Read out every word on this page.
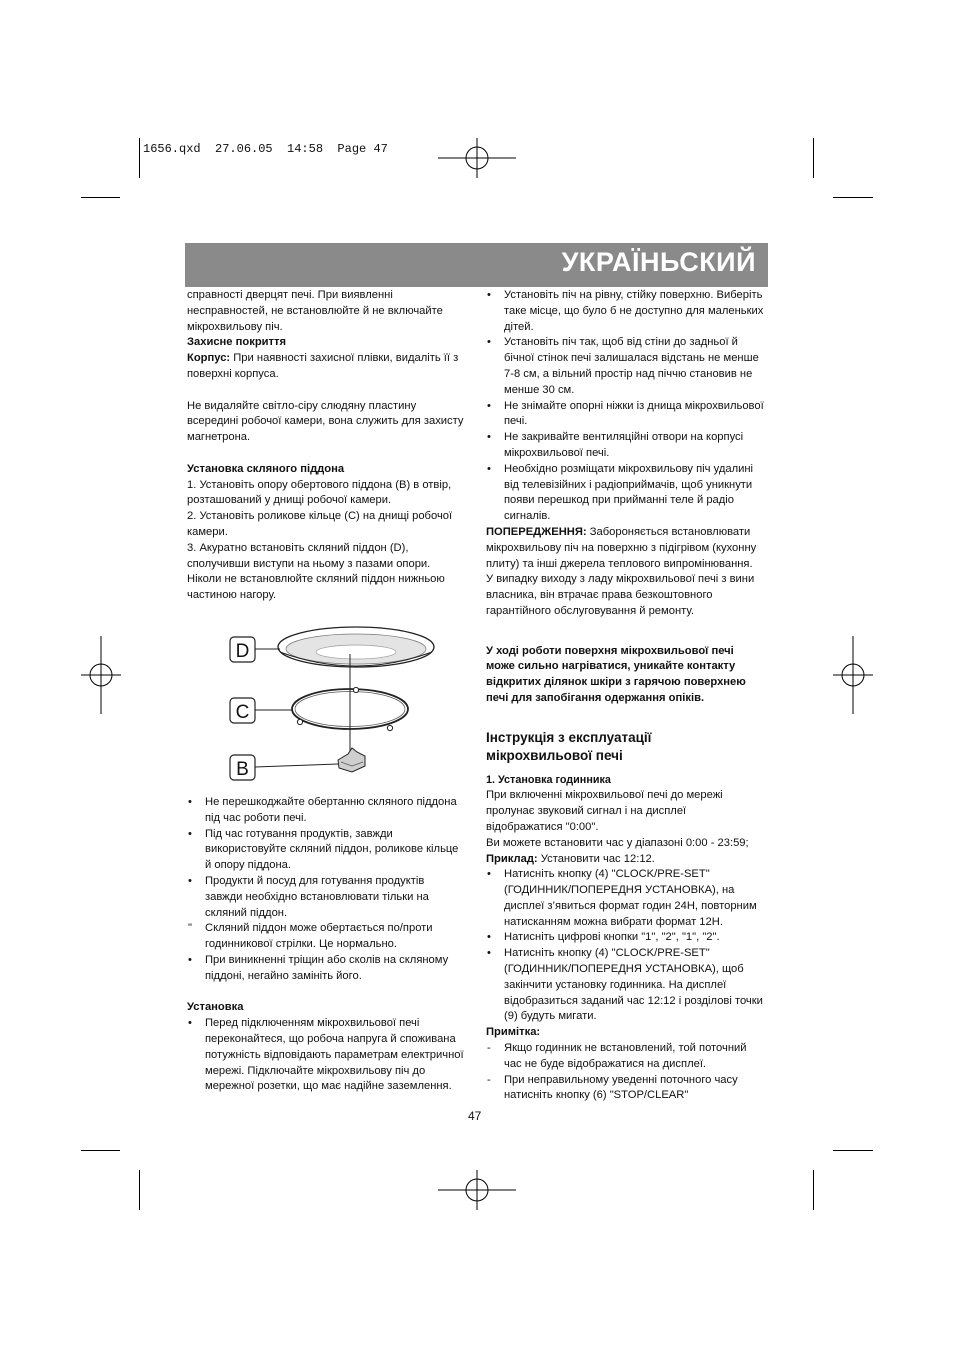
1656.qxd  27.06.05  14:58  Page 47
УКРАЇНЬСКИЙ

справності дверцят печі. При виявленні

несправностей, не встановлюйте й не включайте

мікрохвильову піч.

Захисне покриття

Корпус: При наявності захисної плівки, видаліть її з

поверхні корпуса.

Не видаляйте світло-сіру слюдяну пластину

всередині робочої камери, вона служить для захисту

магнетрона.

Установка скляного піддона

1. Установіть опору обертового піддона (B) в отвір,

розташований у днищі робочої камери.

2. Установіть роликове кільце (C) на днищі робочої

камери.

3. Акуратно встановіть скляний піддон (D),

сполучивши виступи на ньому з пазами опори.

Ніколи не встановлюйте скляний піддон нижньою

частиною нагору.

D
C
B
•	Не перешкоджайте обертанню скляного піддона
під час роботи печі.
•	Під час готування продуктів, завжди
використовуйте скляний піддон, роликове кільце
й опору піддона.
•	Продукти й посуд для готування продуктів
завжди необхідно встановлювати тільки на
скляний піддон.
"	Скляний піддон може обертається по/проти
годинникової стрілки. Це нормально.
•	При виникненні тріщин або сколів на скляному
піддоні, негайно замініть його.

Установка

•	Перед підключенням мікрохвильової печі
переконайтеся, що робоча напруга й споживана
потужність відповідають параметрам електричної
мережі. Підключайте мікрохвильову піч до
мережної розетки, що має надійне заземлення.
•	Установіть піч на рівну, стійку поверхню. Виберіть
таке місце, що було б не доступно для маленьких
дітей.
•	Установіть піч так, щоб від стіни до задньої й
бічної стінок печі залишалася відстань не менше
7-8 см, а вільний простір над піччю становив не
менше 30 см.
•	Не знімайте опорні ніжки із днища мікрохвильової
печі.
•	Не закривайте вентиляційні отвори на корпусі
мікрохвильової печі.
•	Необхідно розміщати мікрохвильову піч удалині
від телевізійних і радіоприймачів, щоб уникнути
появи перешкод при прийманні теле й радіо
сигналів.

ПОПЕРЕДЖЕННЯ: Забороняється встановлювати

мікрохвильову піч на поверхню з підігрівом (кухонну

плиту) та інші джерела теплового випромінювання.

У випадку виходу з ладу мікрохвильової печі з вини

власника, він втрачає права безкоштовного

гарантійного обслуговування й ремонту.

У ході роботи поверхня мікрохвильової печі

може сильно нагріватися, уникайте контакту

відкритих ділянок шкіри з гарячою поверхнею

печі для запобігання одержання опіків.

Інструкція з експлуатації

мікрохвильової печі

1. Установка годинника

При включенні мікрохвильової печі до мережі

пролунає звуковий сигнал і на дисплеї

відображатися "0:00".

Ви можете встановити час у діапазоні 0:00 - 23:59;

Приклад: Установити час 12:12.

•	Натисніть кнопку (4) "CLOCK/PRE-SET"
(ГОДИННИК/ПОПЕРЕДНЯ УСТАНОВКА), на
дисплеї з’явиться формат годин 24H, повторним
натисканням можна вибрати формат 12H.
•	Натисніть цифрові кнопки "1", "2", "1", "2".
•	Натисніть кнопку (4) "CLOCK/PRE-SET"
(ГОДИННИК/ПОПЕРЕДНЯ УСТАНОВКА), щоб
закінчити установку годинника. На дисплеї
відобразиться заданий час 12:12 і розділові точки
(9) будуть мигати.

Примітка:

-	Якщо годинник не встановлений, той поточний
час не буде відображатися на дисплеї.
-	При неправильному уведенні поточного часу
натисніть кнопку (6) "STOP/CLEAR"
47
